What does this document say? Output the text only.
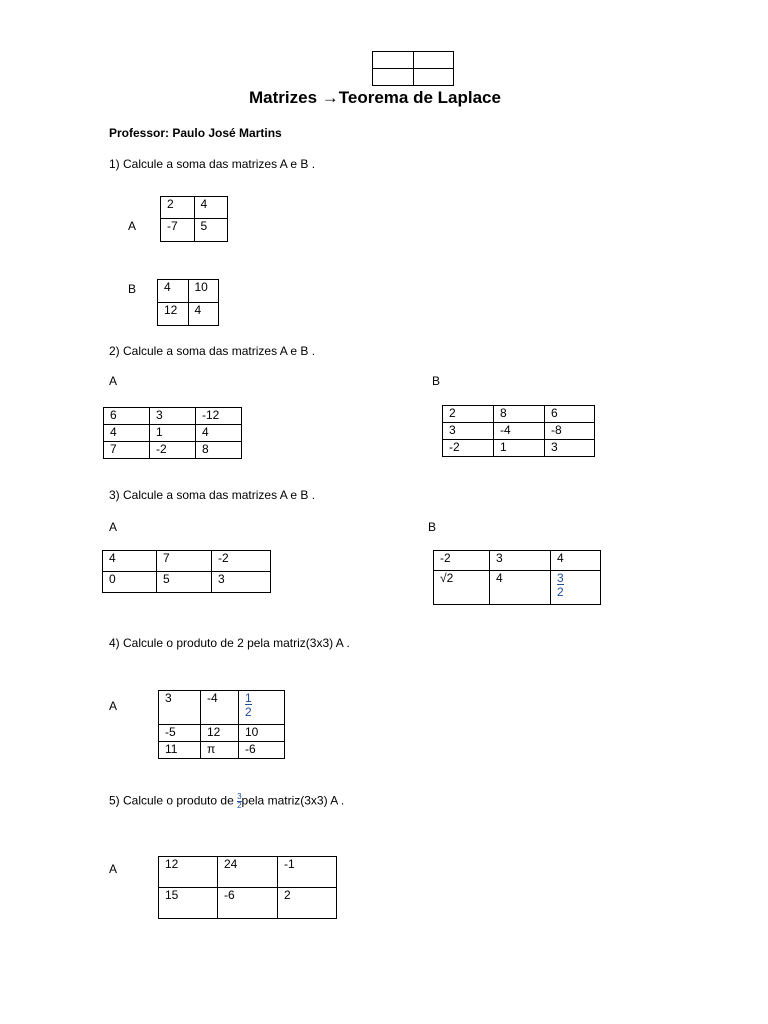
Matrizes →Teorema de Laplace
Professor: Paulo José Martins
1) Calcule a soma das matrizes A e B .
A
2	4
-7	5
B 4	10
12	4
2) Calcule a soma das matrizes A e B .
A	B
6	3	-12
4	1	4
7	-2	8
2	8	6
3	-4	-8
-2	1	3
3) Calcule a soma das matrizes A e B .
A	B
4	7	-2
0	5	3
-2	3	4
√2	4	$\frac{3}{2}$
4) Calcule o produto de 2 pela matriz(3x3) A .
A
3	-4	$\frac{1}{2}$

-5	12	10
11	π	-6
5) Calcule o produto de $\frac{3}{2}$ pela matriz(3x3) A .
A	12	24	-1
15	-6	2
